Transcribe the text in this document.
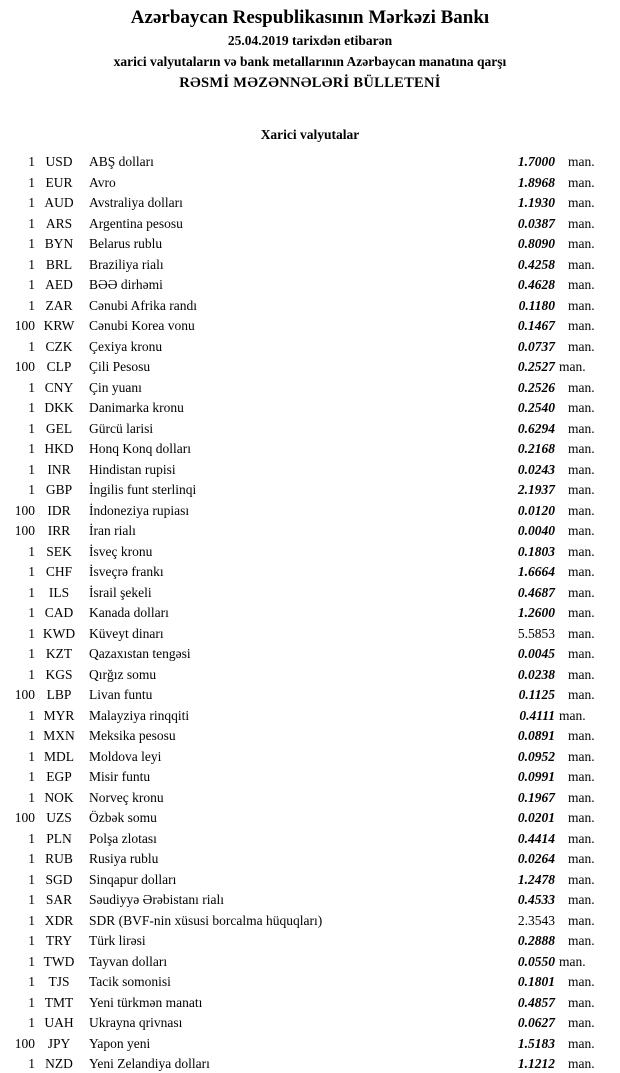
Azərbaycan Respublikasının Mərkəzi Bankı

25.04.2019 tarixdən etibarən

xarici valyutaların və bank metallarının Azərbaycan manatına qarşı

RƏSMİ MƏZƏNNƏLƏRİ BÜLLETENİ

Xarici valyutalar

1 USD	ABŞ dolları	1.7000 man.
1 EUR	Avro	1.8968 man.
1 AUD	Avstraliya dolları	1.1930 man.
1 ARS	Argentina pesosu	0.0387 man.
1 BYN	Belarus rublu	0.8090 man.
1 BRL	Braziliya rialı	0.4258 man.
1 AED	BƏƏ dirhəmi	0.4628 man.
1 ZAR	Cənubi Afrika randı	0.1180 man.
100 KRW	Cənubi Korea vonu	0.1467 man.
1 CZK	Çexiya kronu	0.0737 man.
100 CLP	Çili Pesosu	0.2527 man.
1 CNY	Çin yuanı	0.2526 man.
1 DKK	Danimarka kronu	0.2540 man.
1 GEL	Gürcü larisi	0.6294 man.
1 HKD	Honq Konq dolları	0.2168 man.
1 INR	Hindistan rupisi	0.0243 man.
1 GBP	İngilis funt sterlinqi	2.1937 man.
100 IDR	İndoneziya rupiası	0.0120 man.
100 IRR	İran rialı	0.0040 man.
1 SEK	İsveç kronu	0.1803 man.
1 CHF	İsveçrə frankı	1.6664 man.
1	ILS	İsrail şekeli	0.4687 man.
1 CAD	Kanada dolları	1.2600 man.
1 KWD	Küveyt dinarı	5.5853 man.
1 KZT	Qazaxıstan tengəsi	0.0045 man.
1 KGS	Qırğız somu	0.0238 man.
100 LBP	Livan funtu	0.1125 man.
1 MYR	Malayziya rinqqiti	0.4111 man.
1 MXN	Meksika pesosu	0.0891 man.
1 MDL	Moldova leyi	0.0952 man.
1 EGP	Misir funtu	0.0991 man.
1 NOK	Norveç kronu	0.1967 man.
100 UZS	Özbək somu	0.0201 man.
1 PLN	Polşa zlotası	0.4414 man.
1 RUB	Rusiya rublu	0.0264 man.
1 SGD	Sinqapur dolları	1.2478 man.
1 SAR	Səudiyyə Ərəbistanı rialı	0.4533 man.
1 XDR	SDR (BVF-nin xüsusi borcalma hüquqları)	2.3543 man.
1 TRY	Türk lirəsi	0.2888 man.
1 TWD	Tayvan dolları	0.0550 man.
1 TJS	Tacik somonisi	0.1801 man.
1 TMT	Yeni türkmən manatı	0.4857 man.
1 UAH	Ukrayna qrivnası	0.0627 man.
100 JPY	Yapon yeni	1.5183 man.
1 NZD	Yeni Zelandiya dolları	1.1212 man.
